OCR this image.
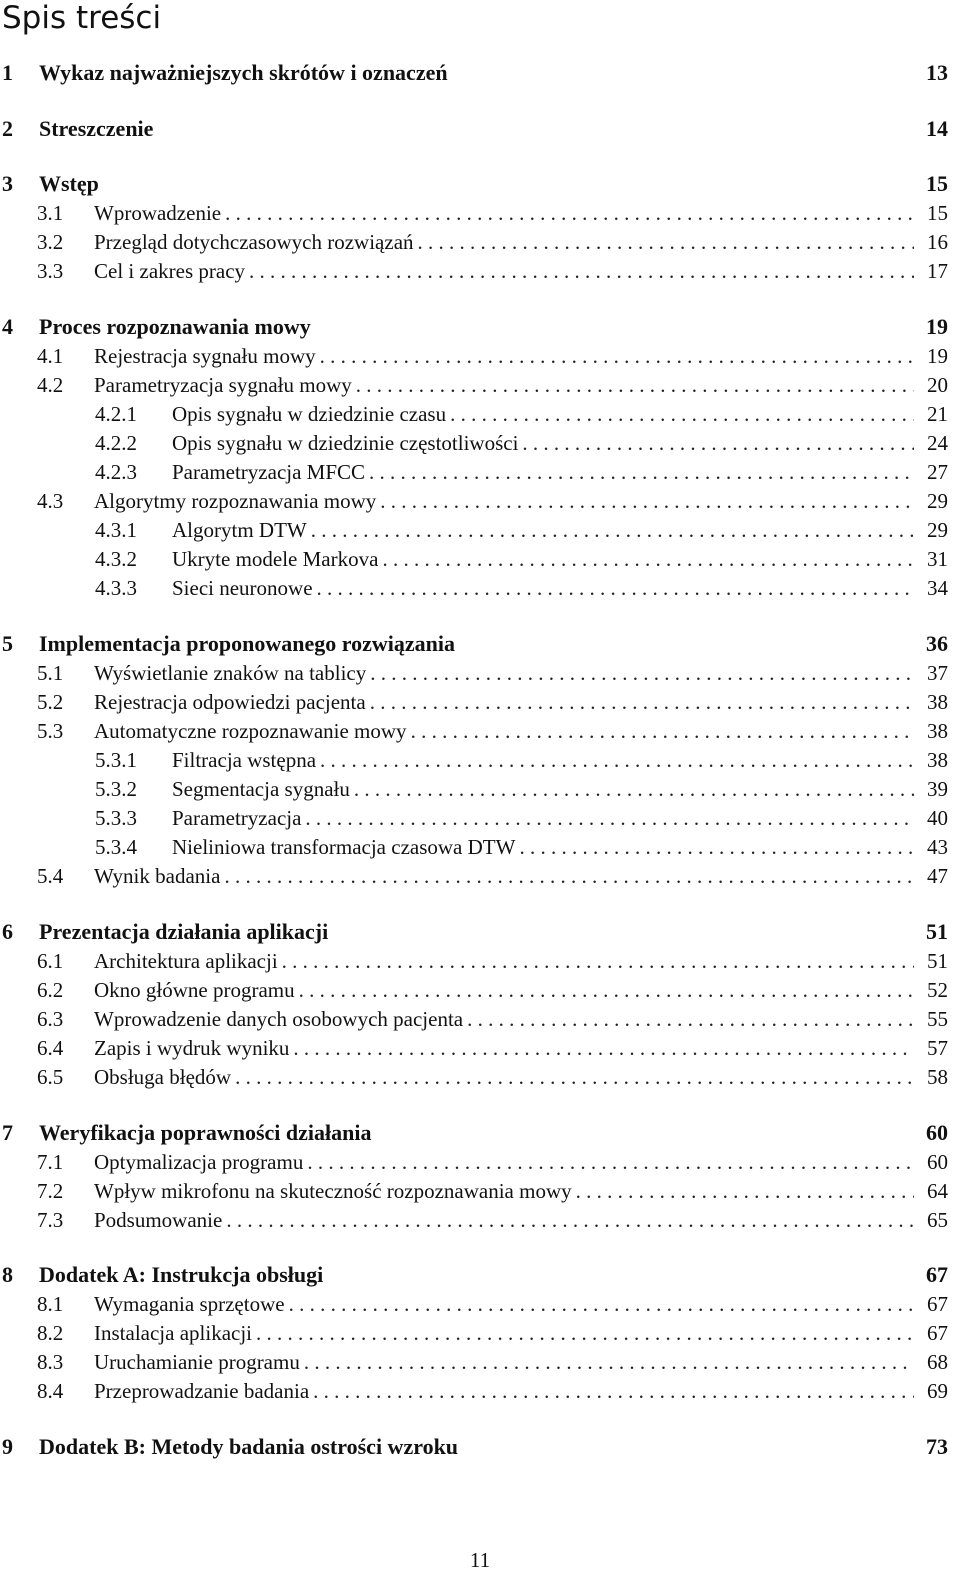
Spis treści
1	Wykaz najważniejszych skrótów i oznaczeń	13
2	Streszczenie	14
3	Wstęp	15
3.1	Wprowadzenie . . .	15
3.2	Przegląd dotychczasowych rozwiązań . . .	16
3.3	Cel i zakres pracy . . .	17
4	Proces rozpoznawania mowy	19
4.1	Rejestracja sygnału mowy . . .	19
4.2	Parametryzacja sygnału mowy . . .	20
4.2.1	Opis sygnału w dziedzinie czasu . . .	21
4.2.2	Opis sygnału w dziedzinie częstotliwości . . .	24
4.2.3	Parametryzacja MFCC . . .	27
4.3	Algorytmy rozpoznawania mowy . . .	29
4.3.1	Algorytm DTW . . .	29
4.3.2	Ukryte modele Markova . . .	31
4.3.3	Sieci neuronowe . . .	34
5	Implementacja proponowanego rozwiązania	36
5.1	Wyświetlanie znaków na tablicy . . .	37
5.2	Rejestracja odpowiedzi pacjenta . . .	38
5.3	Automatyczne rozpoznawanie mowy . . .	38
5.3.1	Filtracja wstępna . . .	38
5.3.2	Segmentacja sygnału . . .	39
5.3.3	Parametryzacja . . .	40
5.3.4	Nieliniowa transformacja czasowa DTW . . .	43
5.4	Wynik badania . . .	47
6	Prezentacja działania aplikacji	51
6.1	Architektura aplikacji . . .	51
6.2	Okno główne programu . . .	52
6.3	Wprowadzenie danych osobowych pacjenta . . .	55
6.4	Zapis i wydruk wyniku . . .	57
6.5	Obsługa błędów . . .	58
7	Weryfikacja poprawności działania	60
7.1	Optymalizacja programu . . .	60
7.2	Wpływ mikrofonu na skuteczność rozpoznawania mowy . . .	64
7.3	Podsumowanie . . .	65
8	Dodatek A: Instrukcja obsługi	67
8.1	Wymagania sprzętowe . . .	67
8.2	Instalacja aplikacji . . .	67
8.3	Uruchamianie programu . . .	68
8.4	Przeprowadzanie badania . . .	69
9	Dodatek B: Metody badania ostrości wzroku	73
11
